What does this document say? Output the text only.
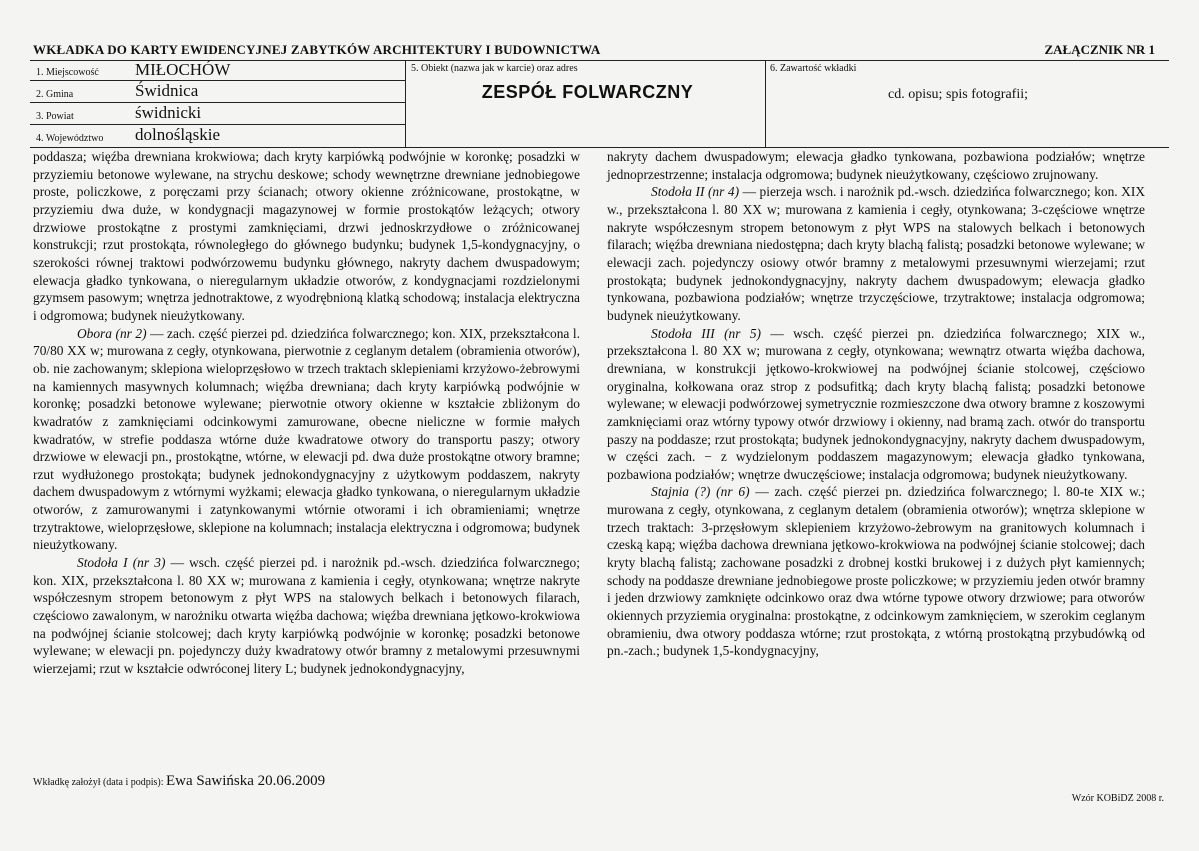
WKŁADKA DO KARTY EWIDENCYJNEJ ZABYTKÓW ARCHITEKTURY I BUDOWNICTWA	ZAŁĄCZNIK NR 1
1. Miejscowość MIŁOCHÓW
2. Gmina	Świdnica
3. Powiat	świdnicki
4. Województwo dolnośląskie
5. Obiekt (nazwa jak w karcie) oraz adres
ZESPÓŁ FOLWARCZNY
6. Zawartość wkładki
cd. opisu; spis fotografii;

poddasza; więźba drewniana krokwiowa; dach kryty karpiówką podwójnie w koronkę; posadzki w przyziemiu betonowe wylewane, na strychu deskowe; schody wewnętrzne drewniane jednobiegowe proste, policzkowe, z poręczami przy ścianach; otwory okienne zróżnicowane, prostokątne, w przyziemiu dwa duże, w kondygnacji magazynowej w formie prostokątów leżących; otwory drzwiowe prostokątne z prostymi zamknięciami, drzwi jednoskrzydłowe o zróżnicowanej konstrukcji; rzut prostokąta, równoległego do głównego budynku; budynek 1,5-kondygnacyjny, o szerokości równej traktowi podwórzowemu budynku głównego, nakryty dachem dwuspadowym; elewacja gładko tynkowana, o nieregularnym układzie otworów, z kondygnacjami rozdzielonymi gzymsem pasowym; wnętrza jednotraktowe, z wyodrębnioną klatką schodową; instalacja elektryczna i odgromowa; budynek nieużytkowany.

Obora (nr 2) — zach. część pierzei pd. dziedzińca folwarcznego; kon. XIX, przekształcona l. 70/80 XX w; murowana z cegły, otynkowana, pierwotnie z ceglanym detalem (obramienia otworów), ob. nie zachowanym; sklepiona wieloprzęsłowo w trzech traktach sklepieniami krzyżowo-żebrowymi na kamiennych masywnych kolumnach; więźba drewniana; dach kryty karpiówką podwójnie w koronkę; posadzki betonowe wylewane; pierwotnie otwory okienne w kształcie zbliżonym do kwadratów z zamknięciami odcinkowymi zamurowane, obecne nieliczne w formie małych kwadratów, w strefie poddasza wtórne duże kwadratowe otwory do transportu paszy; otwory drzwiowe w elewacji pn., prostokątne, wtórne, w elewacji pd. dwa duże prostokątne otwory bramne; rzut wydłużonego prostokąta; budynek jednokondygnacyjny z użytkowym poddaszem, nakryty dachem dwuspadowym z wtórnymi wyżkami; elewacja gładko tynkowana, o nieregularnym układzie otworów, z zamurowanymi i zatynkowanymi wtórnie otworami i ich obramieniami; wnętrze trzytraktowe, wieloprzęsłowe, sklepione na kolumnach; instalacja elektryczna i odgromowa; budynek nieużytkowany.

Stodoła I (nr 3) — wsch. część pierzei pd. i narożnik pd.-wsch. dziedzińca folwarcznego; kon. XIX, przekształcona l. 80 XX w; murowana z kamienia i cegły, otynkowana; wnętrze nakryte współczesnym stropem betonowym z płyt WPS na stalowych belkach i betonowych filarach, częściowo zawalonym, w narożniku otwarta więźba dachowa; więźba drewniana jętkowo-krokwiowa na podwójnej ścianie stolcowej; dach kryty karpiówką podwójnie w koronkę; posadzki betonowe wylewane; w elewacji pn. pojedynczy duży kwadratowy otwór bramny z metalowymi przesuwnymi wierzejami; rzut w kształcie odwróconej litery L; budynek jednokondygnacyjny,

nakryty dachem dwuspadowym; elewacja gładko tynkowana, pozbawiona podziałów; wnętrze jednoprzestrzenne; instalacja odgromowa; budynek nieużytkowany, częściowo zrujnowany.

Stodoła II (nr 4) — pierzeja wsch. i narożnik pd.-wsch. dziedzińca folwarcznego; kon. XIX w., przekształcona l. 80 XX w; murowana z kamienia i cegły, otynkowana; 3-częściowe wnętrze nakryte współczesnym stropem betonowym z płyt WPS na stalowych belkach i betonowych filarach; więźba drewniana niedostępna; dach kryty blachą falistą; posadzki betonowe wylewane; w elewacji zach. pojedynczy osiowy otwór bramny z metalowymi przesuwnymi wierzejami; rzut prostokąta; budynek jednokondygnacyjny, nakryty dachem dwuspadowym; elewacja gładko tynkowana, pozbawiona podziałów; wnętrze trzyczęściowe, trzytraktowe; instalacja odgromowa; budynek nieużytkowany.

Stodoła III (nr 5) — wsch. część pierzei pn. dziedzińca folwarcznego; XIX w., przekształcona l. 80 XX w; murowana z cegły, otynkowana; wewnątrz otwarta więźba dachowa, drewniana, w konstrukcji jętkowo-krokwiowej na podwójnej ścianie stolcowej, częściowo oryginalna, kołkowana oraz strop z podsufitką; dach kryty blachą falistą; posadzki betonowe wylewane; w elewacji podwórzowej symetrycznie rozmieszczone dwa otwory bramne z koszowymi zamknięciami oraz wtórny typowy otwór drzwiowy i okienny, nad bramą zach. otwór do transportu paszy na poddasze; rzut prostokąta; budynek jednokondygnacyjny, nakryty dachem dwuspadowym, w części zach. − z wydzielonym poddaszem magazynowym; elewacja gładko tynkowana, pozbawiona podziałów; wnętrze dwuczęściowe; instalacja odgromowa; budynek nieużytkowany.

Stajnia (?) (nr 6) — zach. część pierzei pn. dziedzińca folwarcznego; l. 80-te XIX w.; murowana z cegły, otynkowana, z ceglanym detalem (obramienia otworów); wnętrza sklepione w trzech traktach: 3-przęsłowym sklepieniem krzyżowo-żebrowym na granitowych kolumnach i czeską kapą; więźba dachowa drewniana jętkowo-krokwiowa na podwójnej ścianie stolcowej; dach kryty blachą falistą; zachowane posadzki z drobnej kostki brukowej i z dużych płyt kamiennych; schody na poddasze drewniane jednobiegowe proste policzkowe; w przyziemiu jeden otwór bramny i jeden drzwiowy zamknięte odcinkowo oraz dwa wtórne typowe otwory drzwiowe; para otworów okiennych przyziemia oryginalna: prostokątne, z odcinkowym zamknięciem, w szerokim ceglanym obramieniu, dwa otwory poddasza wtórne; rzut prostokąta, z wtórną prostokątną przybudówką od pn.-zach.; budynek 1,5-kondygnacyjny,

Wkładkę założył (data i podpis): Ewa Sawińska 20.06.2009
Wzór KOBiDZ 2008 r.
